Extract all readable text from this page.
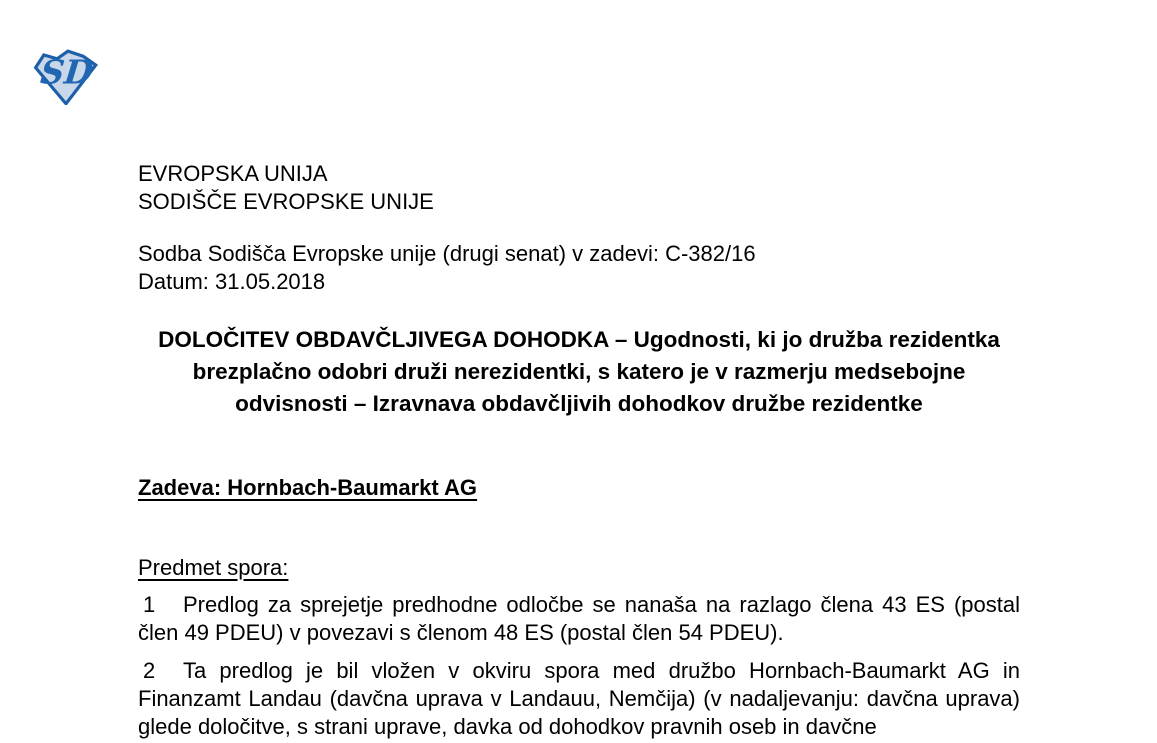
SD
EVROPSKA UNIJA
SODIŠČE EVROPSKE UNIJE
Sodba Sodišča Evropske unije (drugi senat) v zadevi: C-382/16
Datum: 31.05.2018
DOLOČITEV OBDAVČLJIVEGA DOHODKA – Ugodnosti, ki jo družba rezidentka brezplačno odobri druži nerezidentki, s katero je v razmerju medsebojne odvisnosti – Izravnava obdavčljivih dohodkov družbe rezidentke
Zadeva: Hornbach-Baumarkt AG
Predmet spora:

1 Predlog za sprejetje predhodne odločbe se nanaša na razlago člena 43 ES (postal člen 49 PDEU) v povezavi s členom 48 ES (postal člen 54 PDEU).

2 Ta predlog je bil vložen v okviru spora med družbo Hornbach-Baumarkt AG in Finanzamt Landau (davčna uprava v Landauu, Nemčija) (v nadaljevanju: davčna uprava) glede določitve, s strani uprave, davka od dohodkov pravnih oseb in davčne
